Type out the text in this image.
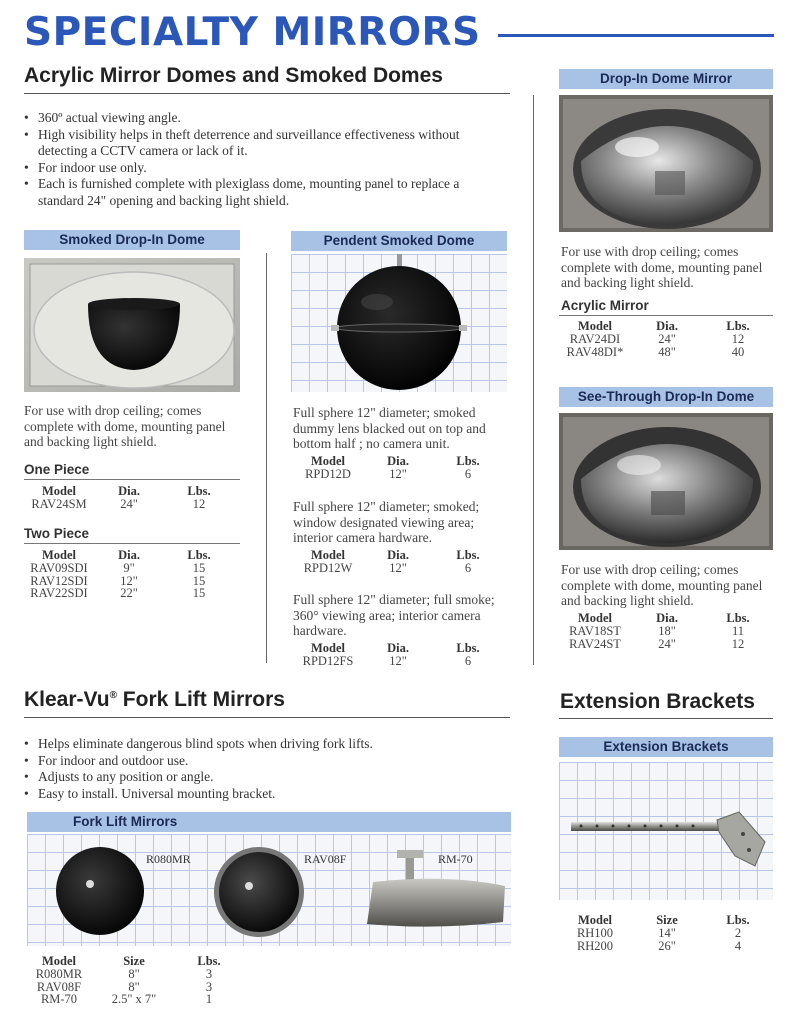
SPECIALTY MIRRORS
Acrylic Mirror Domes and Smoked Domes
• 360º actual viewing angle.
• High visibility helps in theft deterrence and surveillance effectiveness without detecting a CCTV camera or lack of it.
• For indoor use only.
• Each is furnished complete with plexiglass dome, mounting panel to replace a standard 24" opening and backing light shield.
Smoked Drop-In Dome
For use with drop ceiling; comes complete with dome, mounting panel and backing light shield.
One Piece
Model	Dia.	Lbs.
RAV24SM	24"	12
Two Piece
Model	Dia.	Lbs.
RAV09SDI	9"	15
RAV12SDI	12"	15
RAV22SDI	22"	15
Pendent Smoked Dome
Full sphere 12" diameter; smoked dummy lens blacked out on top and bottom half ; no camera unit.
Model	Dia.	Lbs.
RPD12D	12"	6
Full sphere 12" diameter; smoked; window designated viewing area; interior camera hardware.
Model	Dia.	Lbs.
RPD12W	12"	6
Full sphere 12" diameter; full smoke; 360° viewing area; interior camera hardware.
Model	Dia.	Lbs.
RPD12FS	12"	6
Drop-In Dome Mirror
For use with drop ceiling; comes complete with dome, mounting panel and backing light shield.
Acrylic Mirror
Model	Dia.	Lbs.
RAV24DI	24"	12
RAV48DI*	48"	40
See-Through Drop-In Dome
For use with drop ceiling; comes complete with dome, mounting panel and backing light shield.
Model	Dia.	Lbs.
RAV18ST	18"	11
RAV24ST	24"	12
Klear-Vu® Fork Lift Mirrors
• Helps eliminate dangerous blind spots when driving fork lifts.
• For indoor and outdoor use.
• Adjusts to any position or angle.
• Easy to install. Universal mounting bracket.
Fork Lift Mirrors
R080MR	RAV08F	RM-70
Model	Size	Lbs.
R080MR	8"	3
RAV08F	8"	3
RM-70	2.5" x 7"	1
Extension Brackets
Extension Brackets
Model	Size	Lbs.
RH100	14"	2
RH200	26"	4
